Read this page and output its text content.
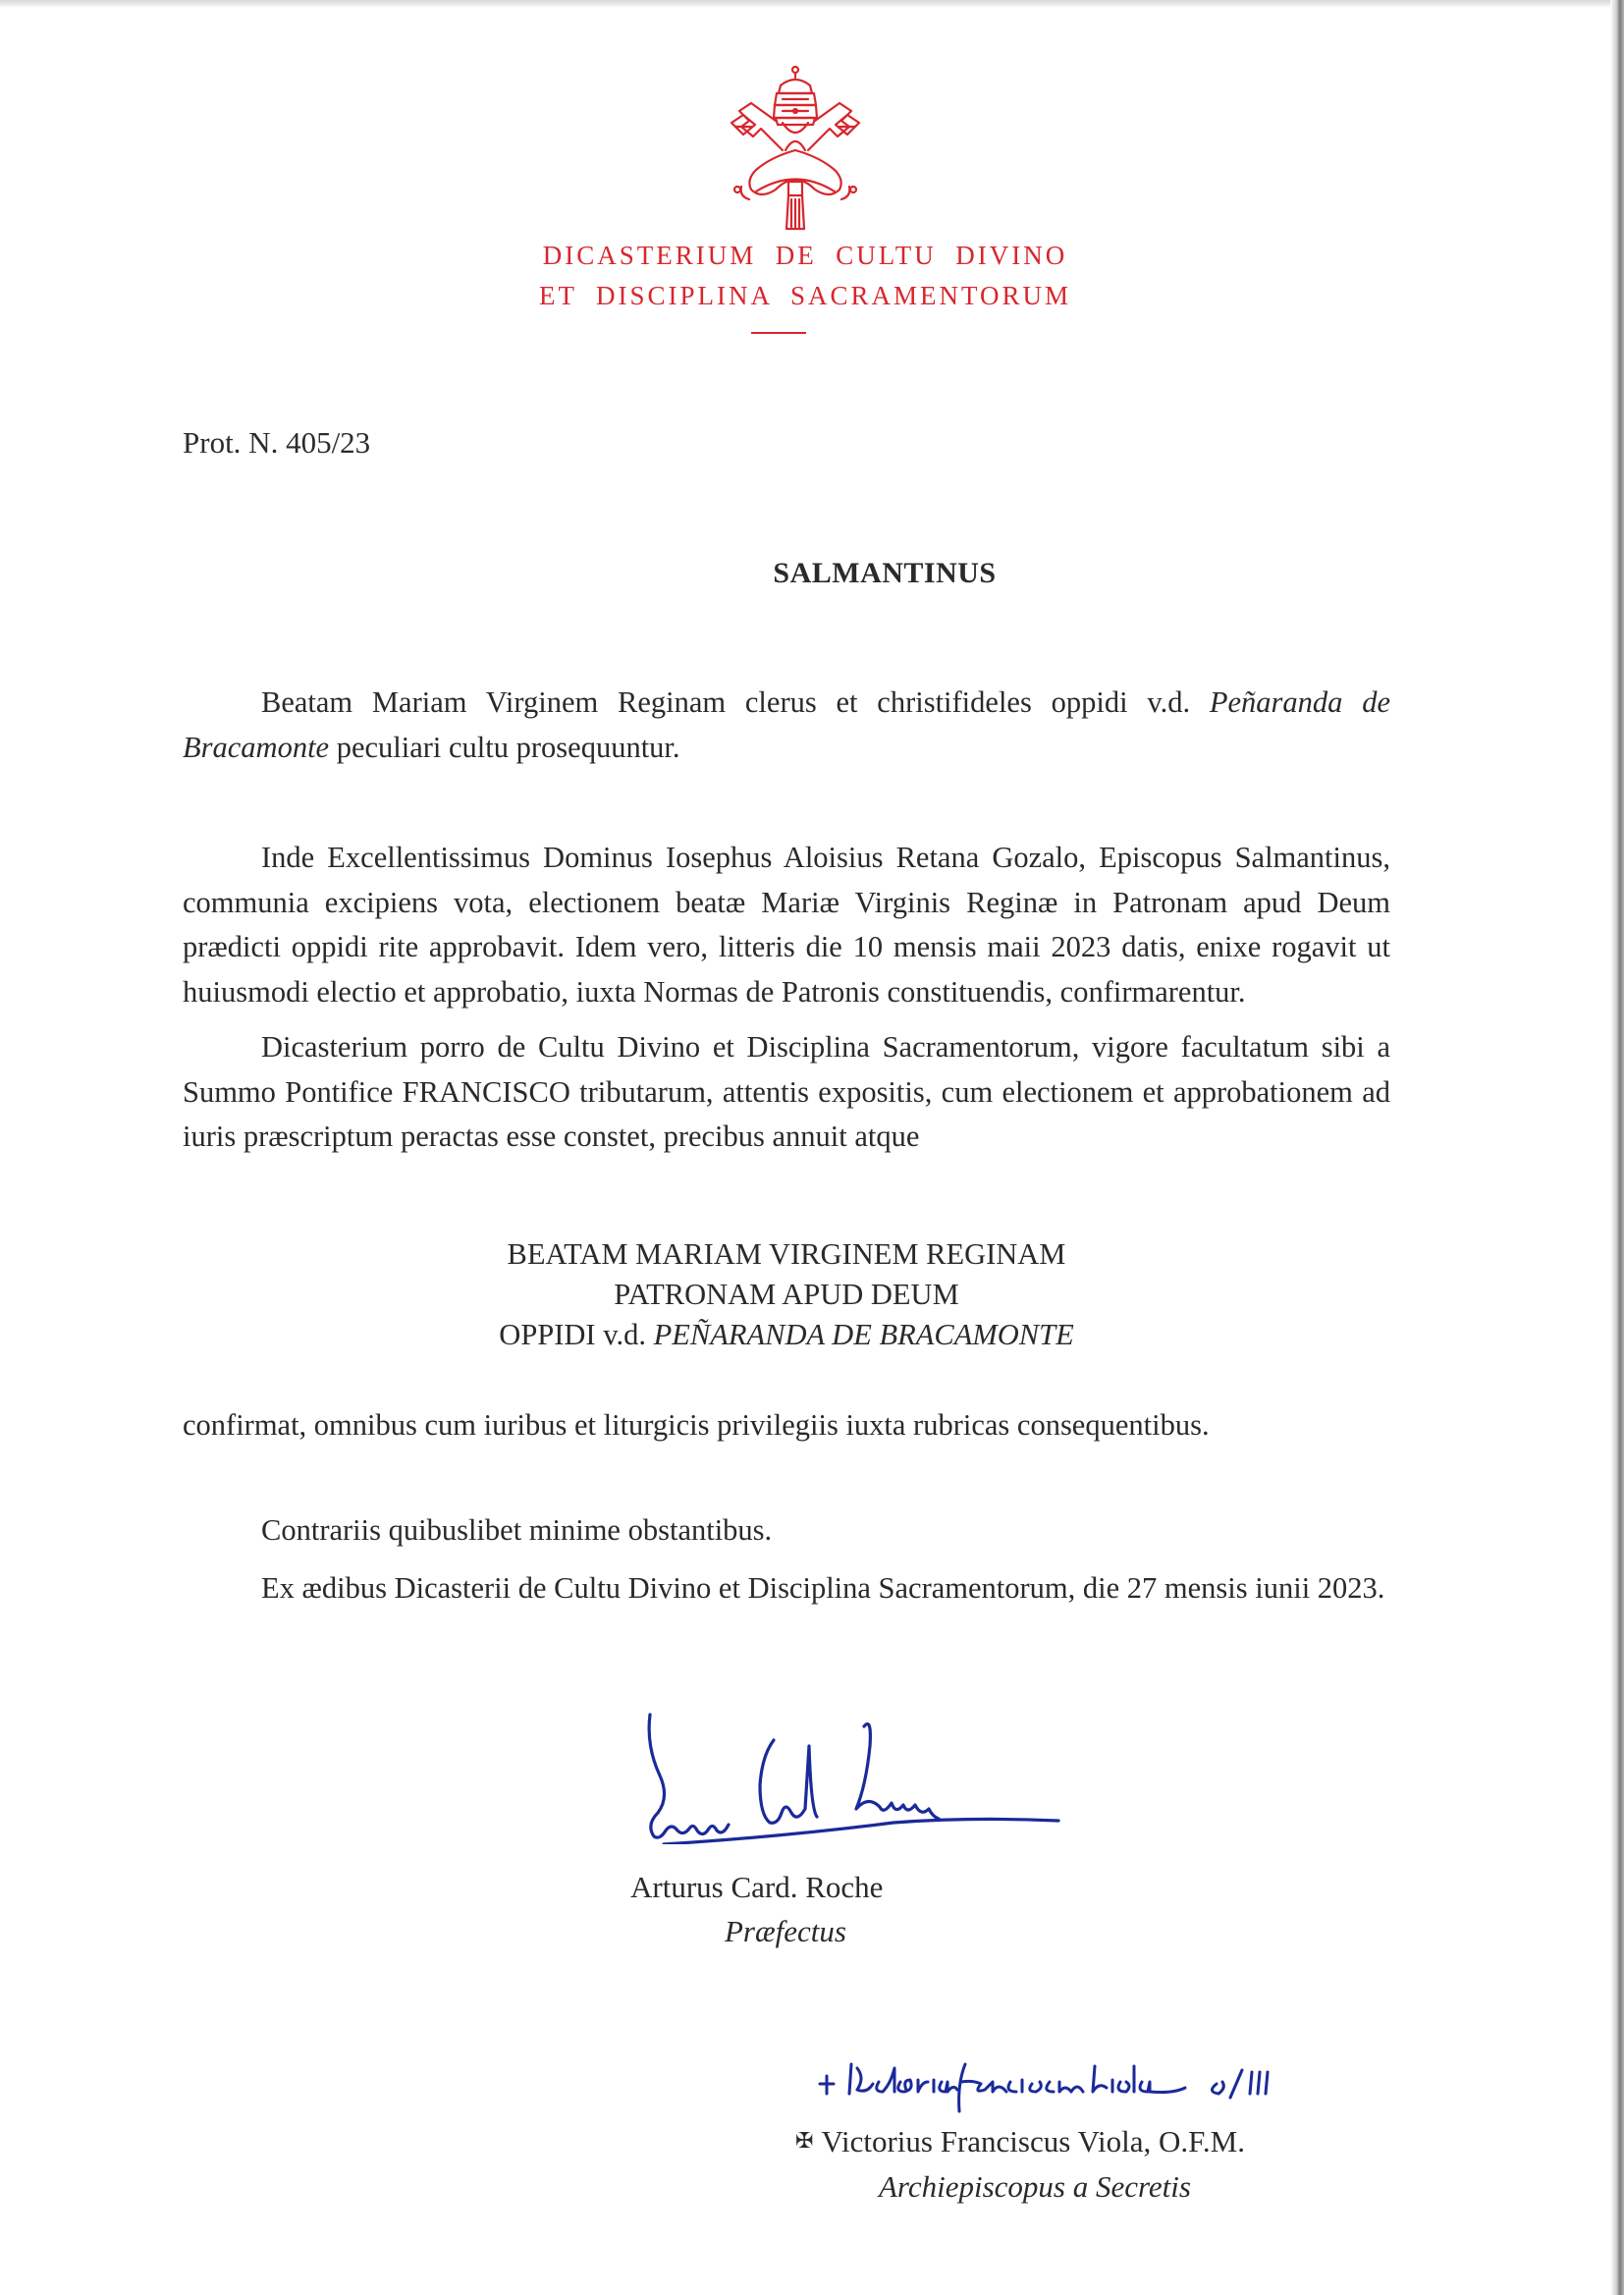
DICASTERIUM  DE  CULTU  DIVINO
ET  DISCIPLINA  SACRAMENTORUM
Prot. N. 405/23
SALMANTINUS

Beatam Mariam Virginem Reginam clerus et christifideles oppidi v.d. Peñaranda de Bracamonte peculiari cultu prosequuntur.

Inde Excellentissimus Dominus Iosephus Aloisius Retana Gozalo, Episcopus Salmantinus, communia excipiens vota, electionem beatæ Mariæ Virginis Reginæ in Patronam apud Deum prædicti oppidi rite approbavit. Idem vero, litteris die 10 mensis maii 2023 datis, enixe rogavit ut huiusmodi electio et approbatio, iuxta Normas de Patronis constituendis, confirmarentur.

Dicasterium porro de Cultu Divino et Disciplina Sacramentorum, vigore facultatum sibi a Summo Pontifice FRANCISCO tributarum, attentis expositis, cum electionem et approbationem ad iuris præscriptum peractas esse constet, precibus annuit atque

BEATAM MARIAM VIRGINEM REGINAM
PATRONAM APUD DEUM
OPPIDI v.d. PEÑARANDA DE BRACAMONTE

confirmat, omnibus cum iuribus et liturgicis privilegiis iuxta rubricas consequentibus.

Contrariis quibuslibet minime obstantibus.

Ex ædibus Dicasterii de Cultu Divino et Disciplina Sacramentorum, die 27 mensis iunii 2023.

Arturus Card. Roche
Præfectus
✠ Victorius Franciscus Viola, O.F.M.
Archiepiscopus a Secretis
